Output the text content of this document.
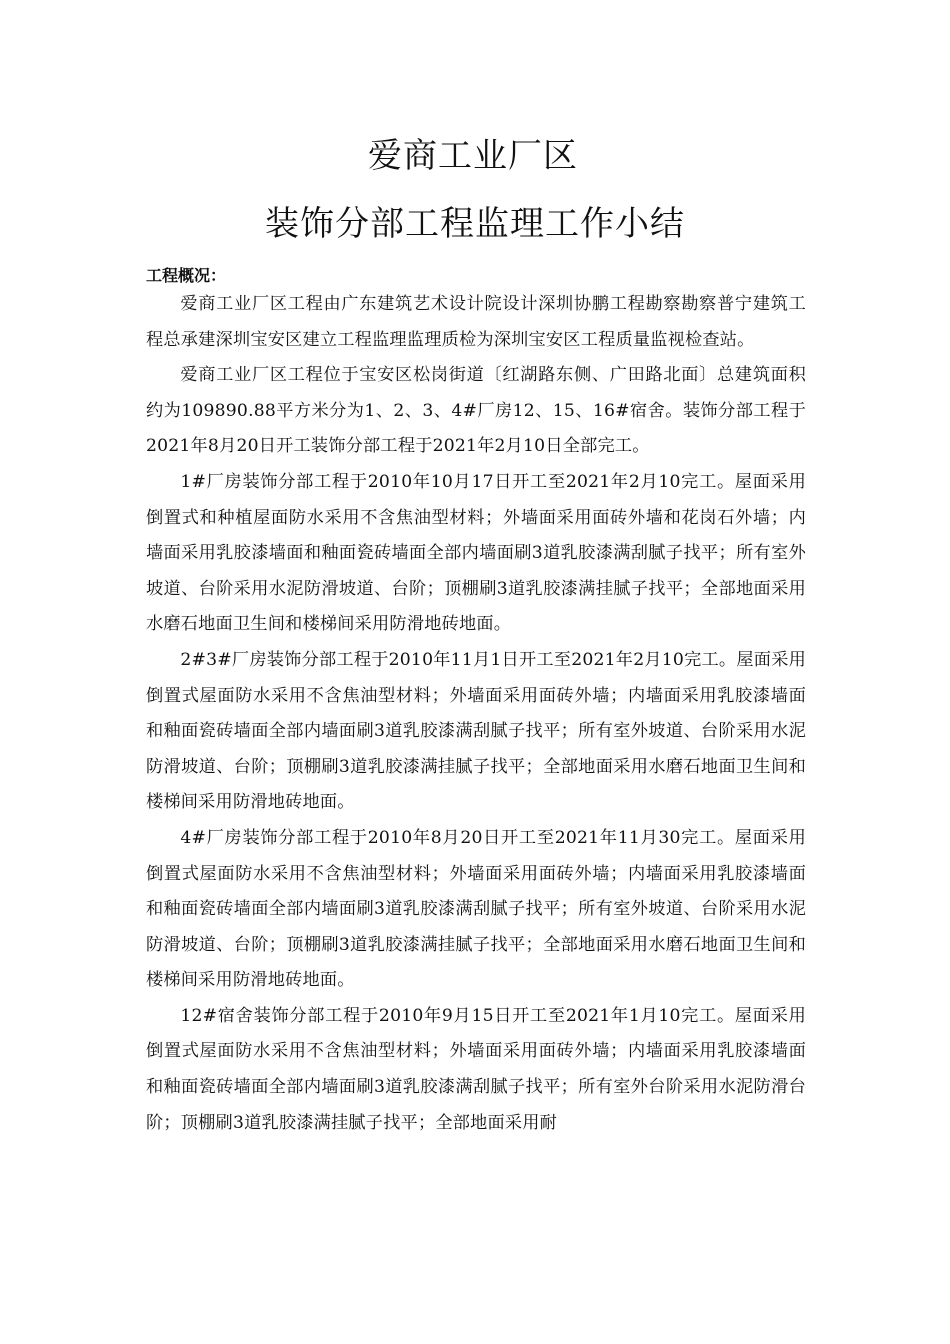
爱商工业厂区
装饰分部工程监理工作小结
工程概况：

爱商工业厂区工程由广东建筑艺术设计院设计深圳协鹏工程勘察勘察普宁建筑工程总承建深圳宝安区建立工程监理监理质检为深圳宝安区工程质量监视检查站。

爱商工业厂区工程位于宝安区松岗街道〔红湖路东侧、广田路北面〕总建筑面积约为109890.88平方米分为1、2、3、4#厂房12、15、16#宿舍。装饰分部工程于2021年8月20日开工装饰分部工程于2021年2月10日全部完工。

1#厂房装饰分部工程于2010年10月17日开工至2021年2月10完工。屋面采用倒置式和种植屋面防水采用不含焦油型材料；外墙面采用面砖外墙和花岗石外墙；内墙面采用乳胶漆墙面和釉面瓷砖墙面全部内墙面刷3道乳胶漆满刮腻子找平；所有室外坡道、台阶采用水泥防滑坡道、台阶；顶棚刷3道乳胶漆满挂腻子找平；全部地面采用水磨石地面卫生间和楼梯间采用防滑地砖地面。

2#3#厂房装饰分部工程于2010年11月1日开工至2021年2月10完工。屋面采用倒置式屋面防水采用不含焦油型材料；外墙面采用面砖外墙；内墙面采用乳胶漆墙面和釉面瓷砖墙面全部内墙面刷3道乳胶漆满刮腻子找平；所有室外坡道、台阶采用水泥防滑坡道、台阶；顶棚刷3道乳胶漆满挂腻子找平；全部地面采用水磨石地面卫生间和楼梯间采用防滑地砖地面。

4#厂房装饰分部工程于2010年8月20日开工至2021年11月30完工。屋面采用倒置式屋面防水采用不含焦油型材料；外墙面采用面砖外墙；内墙面采用乳胶漆墙面和釉面瓷砖墙面全部内墙面刷3道乳胶漆满刮腻子找平；所有室外坡道、台阶采用水泥防滑坡道、台阶；顶棚刷3道乳胶漆满挂腻子找平；全部地面采用水磨石地面卫生间和楼梯间采用防滑地砖地面。

12#宿舍装饰分部工程于2010年9月15日开工至2021年1月10完工。屋面采用倒置式屋面防水采用不含焦油型材料；外墙面采用面砖外墙；内墙面采用乳胶漆墙面和釉面瓷砖墙面全部内墙面刷3道乳胶漆满刮腻子找平；所有室外台阶采用水泥防滑台阶；顶棚刷3道乳胶漆满挂腻子找平；全部地面采用耐
